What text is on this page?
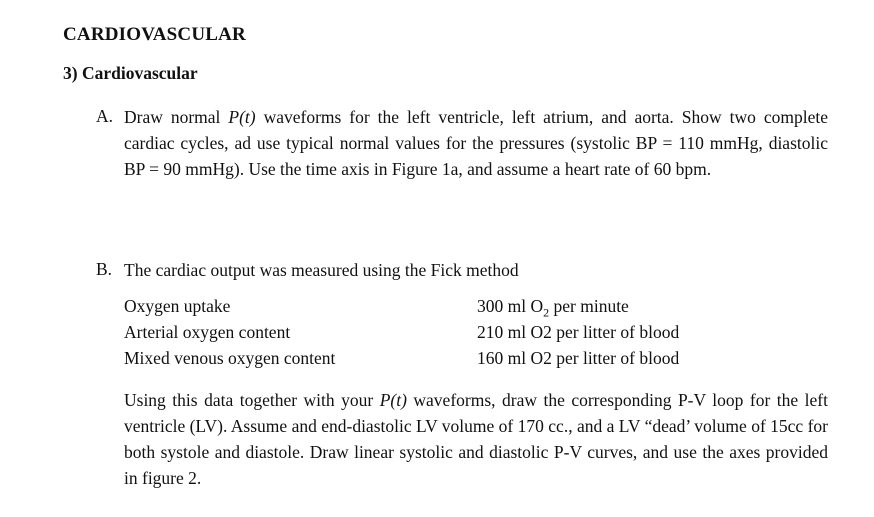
CARDIOVASCULAR
3) Cardiovascular
A. Draw normal P(t) waveforms for the left ventricle, left atrium, and aorta. Show two complete cardiac cycles, ad use typical normal values for the pressures (systolic BP = 110 mmHg, diastolic BP = 90 mmHg). Use the time axis in Figure 1a, and assume a heart rate of 60 bpm.
B. The cardiac output was measured using the Fick method
Oxygen uptake	300 ml $O_2$ per minute
Arterial oxygen content	210 ml O2 per litter of blood
Mixed venous oxygen content	160 ml O2 per litter of blood
Using this data together with your P(t) waveforms, draw the corresponding P-V loop for the left ventricle (LV). Assume and end-diastolic LV volume of 170 cc., and a LV “dead’ volume of 15cc for both systole and diastole. Draw linear systolic and diastolic P-V curves, and use the axes provided in figure 2.
